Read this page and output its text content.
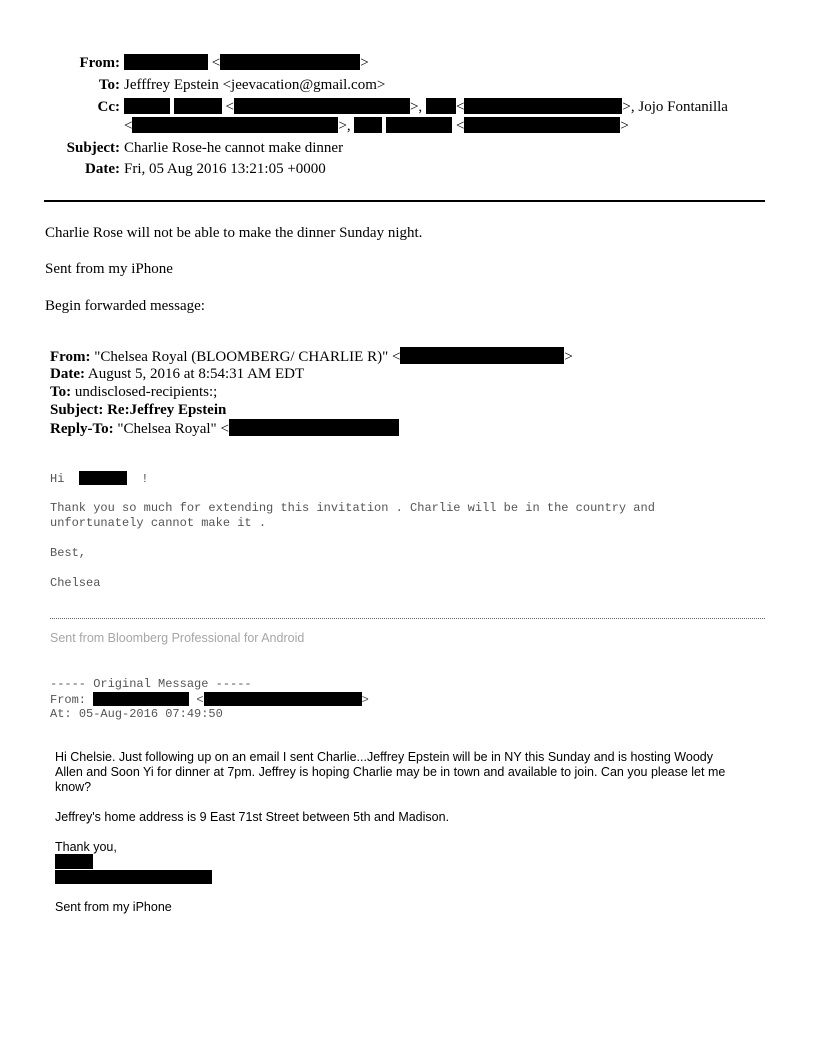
From:	<	>
To: Jefffrey Epstein <jeevacation@gmail.com>
Cc:	<	>, <	>, Jojo Fontanilla
<	>,	<	>
Subject: Charlie Rose-he cannot make dinner
Date: Fri, 05 Aug 2016 13:21:05 +0000
Charlie Rose will not be able to make the dinner Sunday night.
Sent from my iPhone
Begin forwarded message:
From: "Chelsea Royal (BLOOMBERG/ CHARLIE R)" <	>
Date: August 5, 2016 at 8:54:31 AM EDT
To: undisclosed-recipients:;
Subject: Re:Jeffrey Epstein
Reply-To: "Chelsea Royal" <
Hi	!
Thank you so much for extending this invitation . Charlie will be in the country and
unfortunately cannot make it .
Best,
Chelsea
Sent from Bloomberg Professional for Android
----- Original Message -----
From:	<	>
At: 05-Aug-2016 07:49:50
Hi Chelsie. Just following up on an email I sent Charlie...Jeffrey Epstein will be in NY this Sunday and is hosting Woody
Allen and Soon Yi for dinner at 7pm. Jeffrey is hoping Charlie may be in town and available to join. Can you please let me
know?
Jeffrey's home address is 9 East 71st Street between 5th and Madison.
Thank you,
Sent from my iPhone
